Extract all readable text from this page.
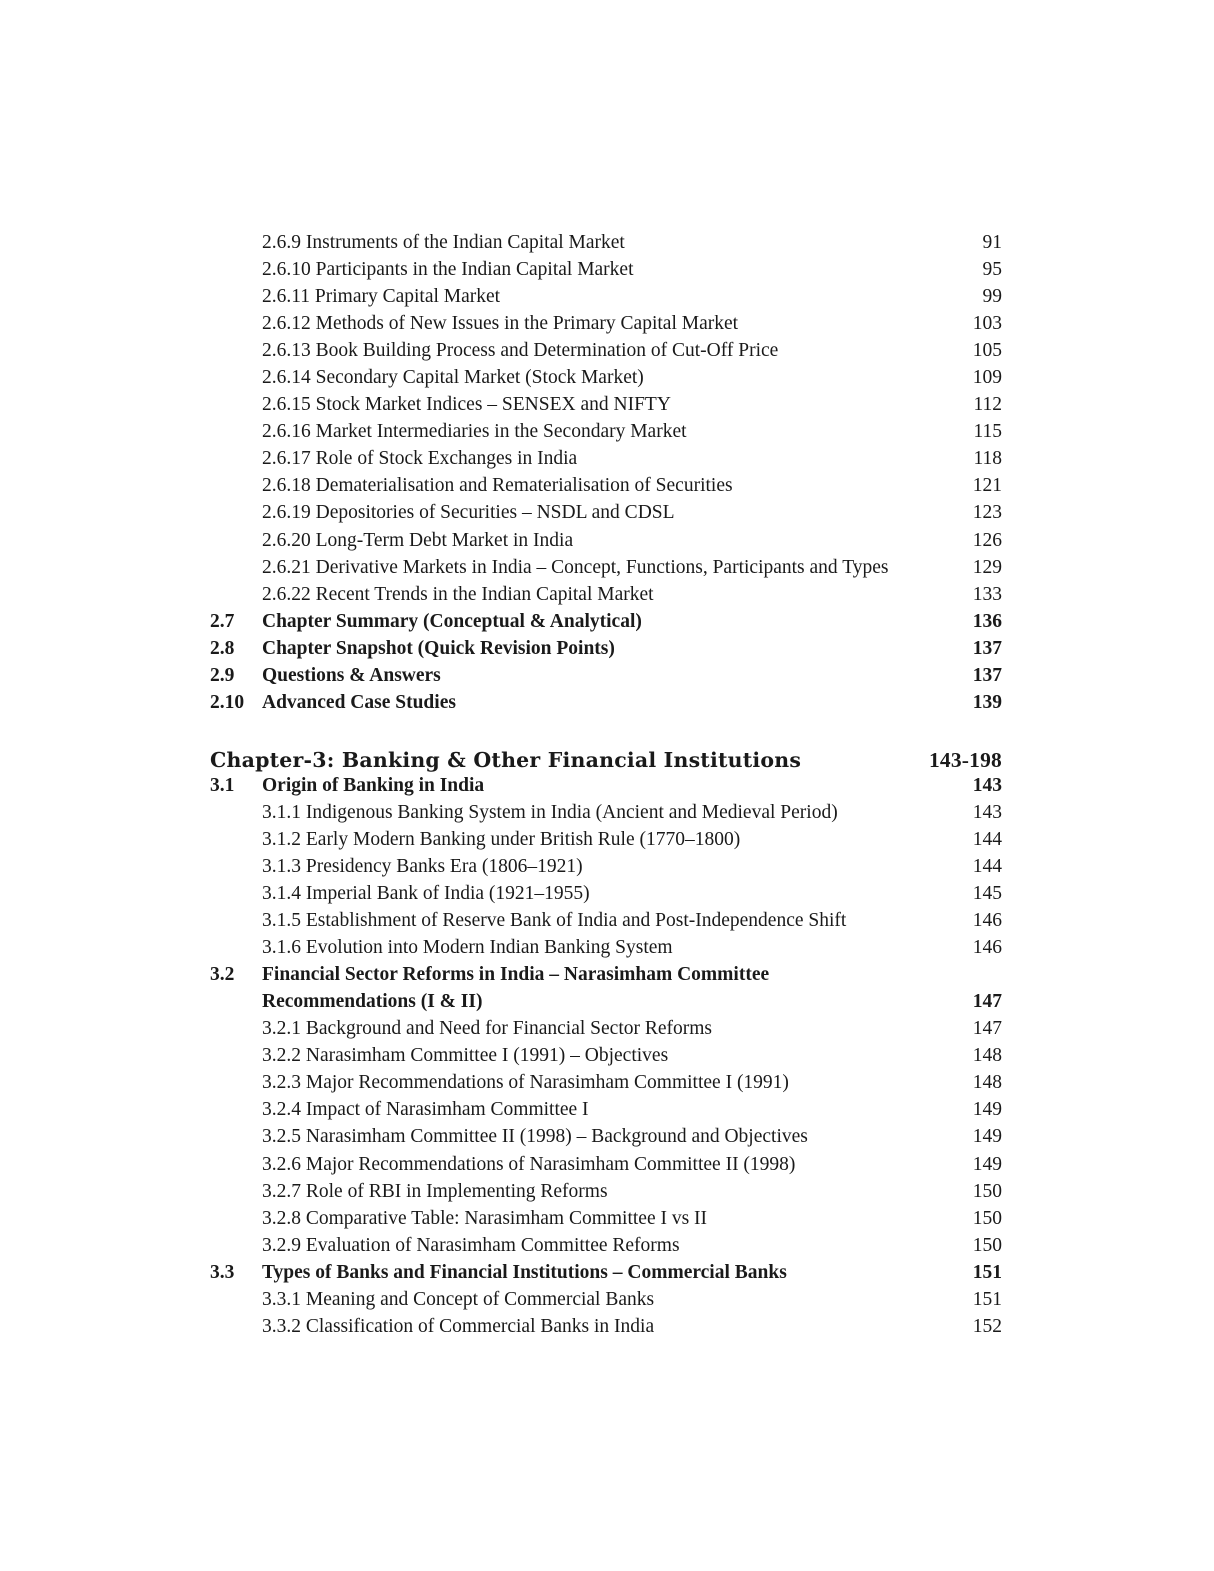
2.6.9 Instruments of the Indian Capital Market	91
2.6.10 Participants in the Indian Capital Market	95
2.6.11 Primary Capital Market	99
2.6.12 Methods of New Issues in the Primary Capital Market	103
2.6.13 Book Building Process and Determination of Cut-Off Price	105
2.6.14 Secondary Capital Market (Stock Market)	109
2.6.15 Stock Market Indices – SENSEX and NIFTY	112
2.6.16 Market Intermediaries in the Secondary Market	115
2.6.17 Role of Stock Exchanges in India	118
2.6.18 Dematerialisation and Rematerialisation of Securities	121
2.6.19 Depositories of Securities – NSDL and CDSL	123
2.6.20 Long-Term Debt Market in India	126
2.6.21 Derivative Markets in India – Concept, Functions, Participants and Types	129
2.6.22 Recent Trends in the Indian Capital Market	133
2.7 Chapter Summary (Conceptual & Analytical)	136
2.8 Chapter Snapshot (Quick Revision Points)	137
2.9 Questions & Answers	137
2.10 Advanced Case Studies	139
Chapter-3: Banking & Other Financial Institutions	143-198
3.1 Origin of Banking in India	143
3.1.1 Indigenous Banking System in India (Ancient and Medieval Period)	143
3.1.2 Early Modern Banking under British Rule (1770–1800)	144
3.1.3 Presidency Banks Era (1806–1921)	144
3.1.4 Imperial Bank of India (1921–1955)	145
3.1.5 Establishment of Reserve Bank of India and Post-Independence Shift	146
3.1.6 Evolution into Modern Indian Banking System	146
3.2 Financial Sector Reforms in India – Narasimham Committee
Recommendations (I & II)	147
3.2.1 Background and Need for Financial Sector Reforms	147
3.2.2 Narasimham Committee I (1991) – Objectives	148
3.2.3 Major Recommendations of Narasimham Committee I (1991)	148
3.2.4 Impact of Narasimham Committee I	149
3.2.5 Narasimham Committee II (1998) – Background and Objectives	149
3.2.6 Major Recommendations of Narasimham Committee II (1998)	149
3.2.7 Role of RBI in Implementing Reforms	150
3.2.8 Comparative Table: Narasimham Committee I vs II	150
3.2.9 Evaluation of Narasimham Committee Reforms	150
3.3 Types of Banks and Financial Institutions – Commercial Banks	151
3.3.1 Meaning and Concept of Commercial Banks	151
3.3.2 Classification of Commercial Banks in India	152
